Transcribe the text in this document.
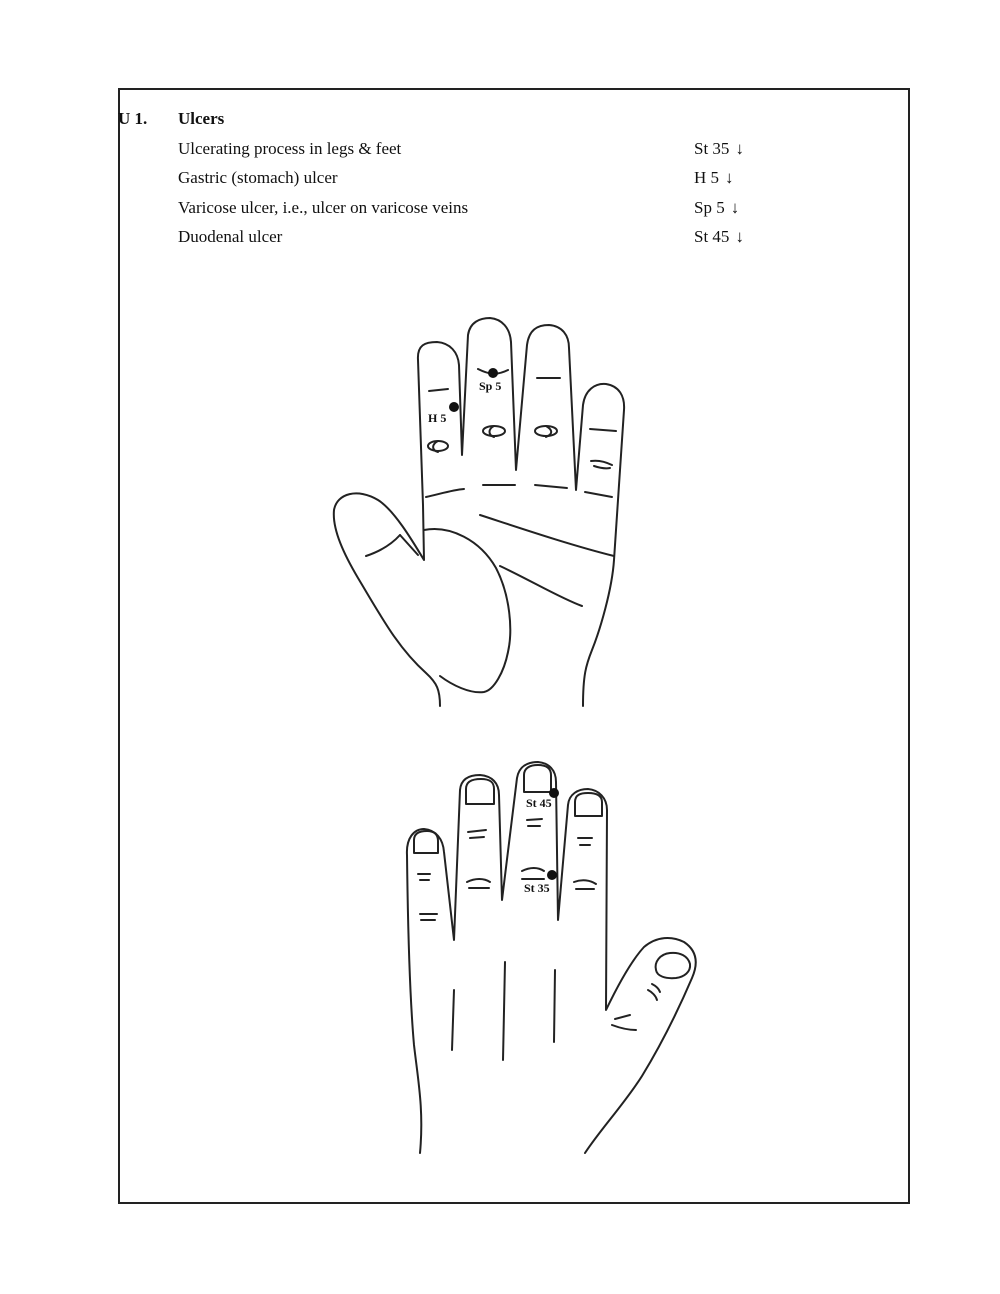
U 1. Ulcers
Ulcerating process in legs & feet	St 35 ↓
Gastric (stomach) ulcer	H 5 ↓
Varicose ulcer, i.e., ulcer on varicose veins	Sp 5 ↓
Duodenal ulcer	St 45 ↓
Sp 5
H 5
St 45
St 35
